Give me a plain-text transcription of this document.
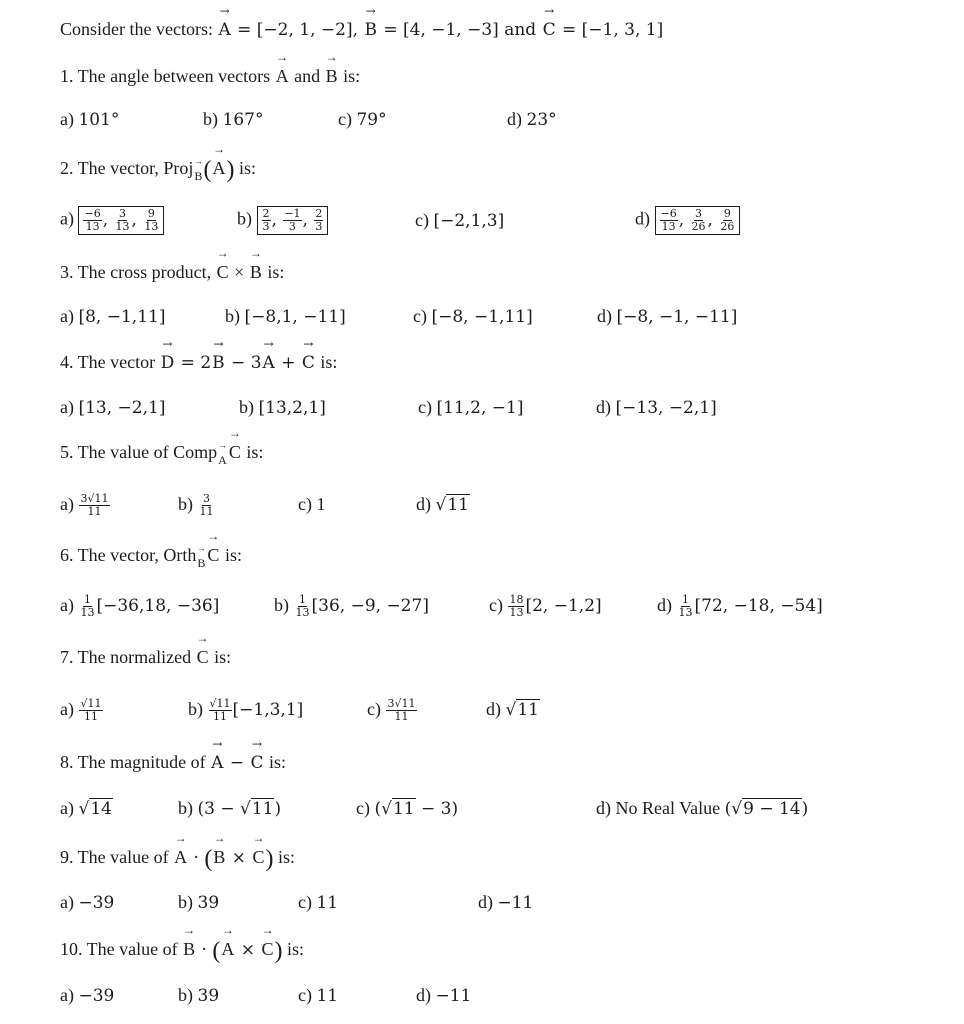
Consider the vectors: → A = [−2, 1, −2], → B = [4, −1, −3] and → C = [−1, 3, 1]
1. The angle between vectors → A and → B is:
a) 101°	b) 167°	c) 79°	d) 23°
2. The vector, Proj→ $_B$(→ A) is:
$a) \frac{-6}{13}$ , $\frac{3}{13}$ , $\frac{9}{13}$	$b) \frac{2}{3}$ , $\frac{-1}{3}$ , $\frac{2}{3}$	c) [−2,1,3]	$d) \frac{-6}{13}$ , $\frac{3}{26}$ , $\frac{9}{26}$
3. The cross product, → C × → B is:
a) [8, −1,11]	b) [−8,1, −11]	c) [−8, −1,11]	d) [−8, −1, −11]
4. The vector → D = 2→ B − 3→ A + → C is:
a) [13, −2,1]	b) [13,2,1]	c) [11,2, −1]	d) [−13, −2,1]
5. The value of Comp→ $_A$ → C is:
$a) \frac{3√11}{11}$	$b) \frac{3}{11}$	c) 1	d) √11
6. The vector, Orth→ $_B$ → C is:
$a) \frac{1}{13} [-36,18$, −36]	$b) \frac{1}{13} [36$, −9, −27]	$c) \frac{18}{13} [2$, −1,2]	$d) \frac{1}{13} [72$, −18, −54]
7. The normalized → C is:
$a) \frac{√11}{11}$	$b) \frac{√11}{11} [-1,3,1]$	$c) \frac{3√11}{11}$	d) √11
8. The magnitude of → A − → C is:
a) √14	b) (3 − √11)	c) (√11 − 3)	d) No Real Value (√9 − 14)
9. The value of → A · (→ B × → C) is:
a) −39	b) 39	c) 11	d) −11
10. The value of → B · (→ A × → C) is:
a) −39	b) 39	c) 11	d) −11
